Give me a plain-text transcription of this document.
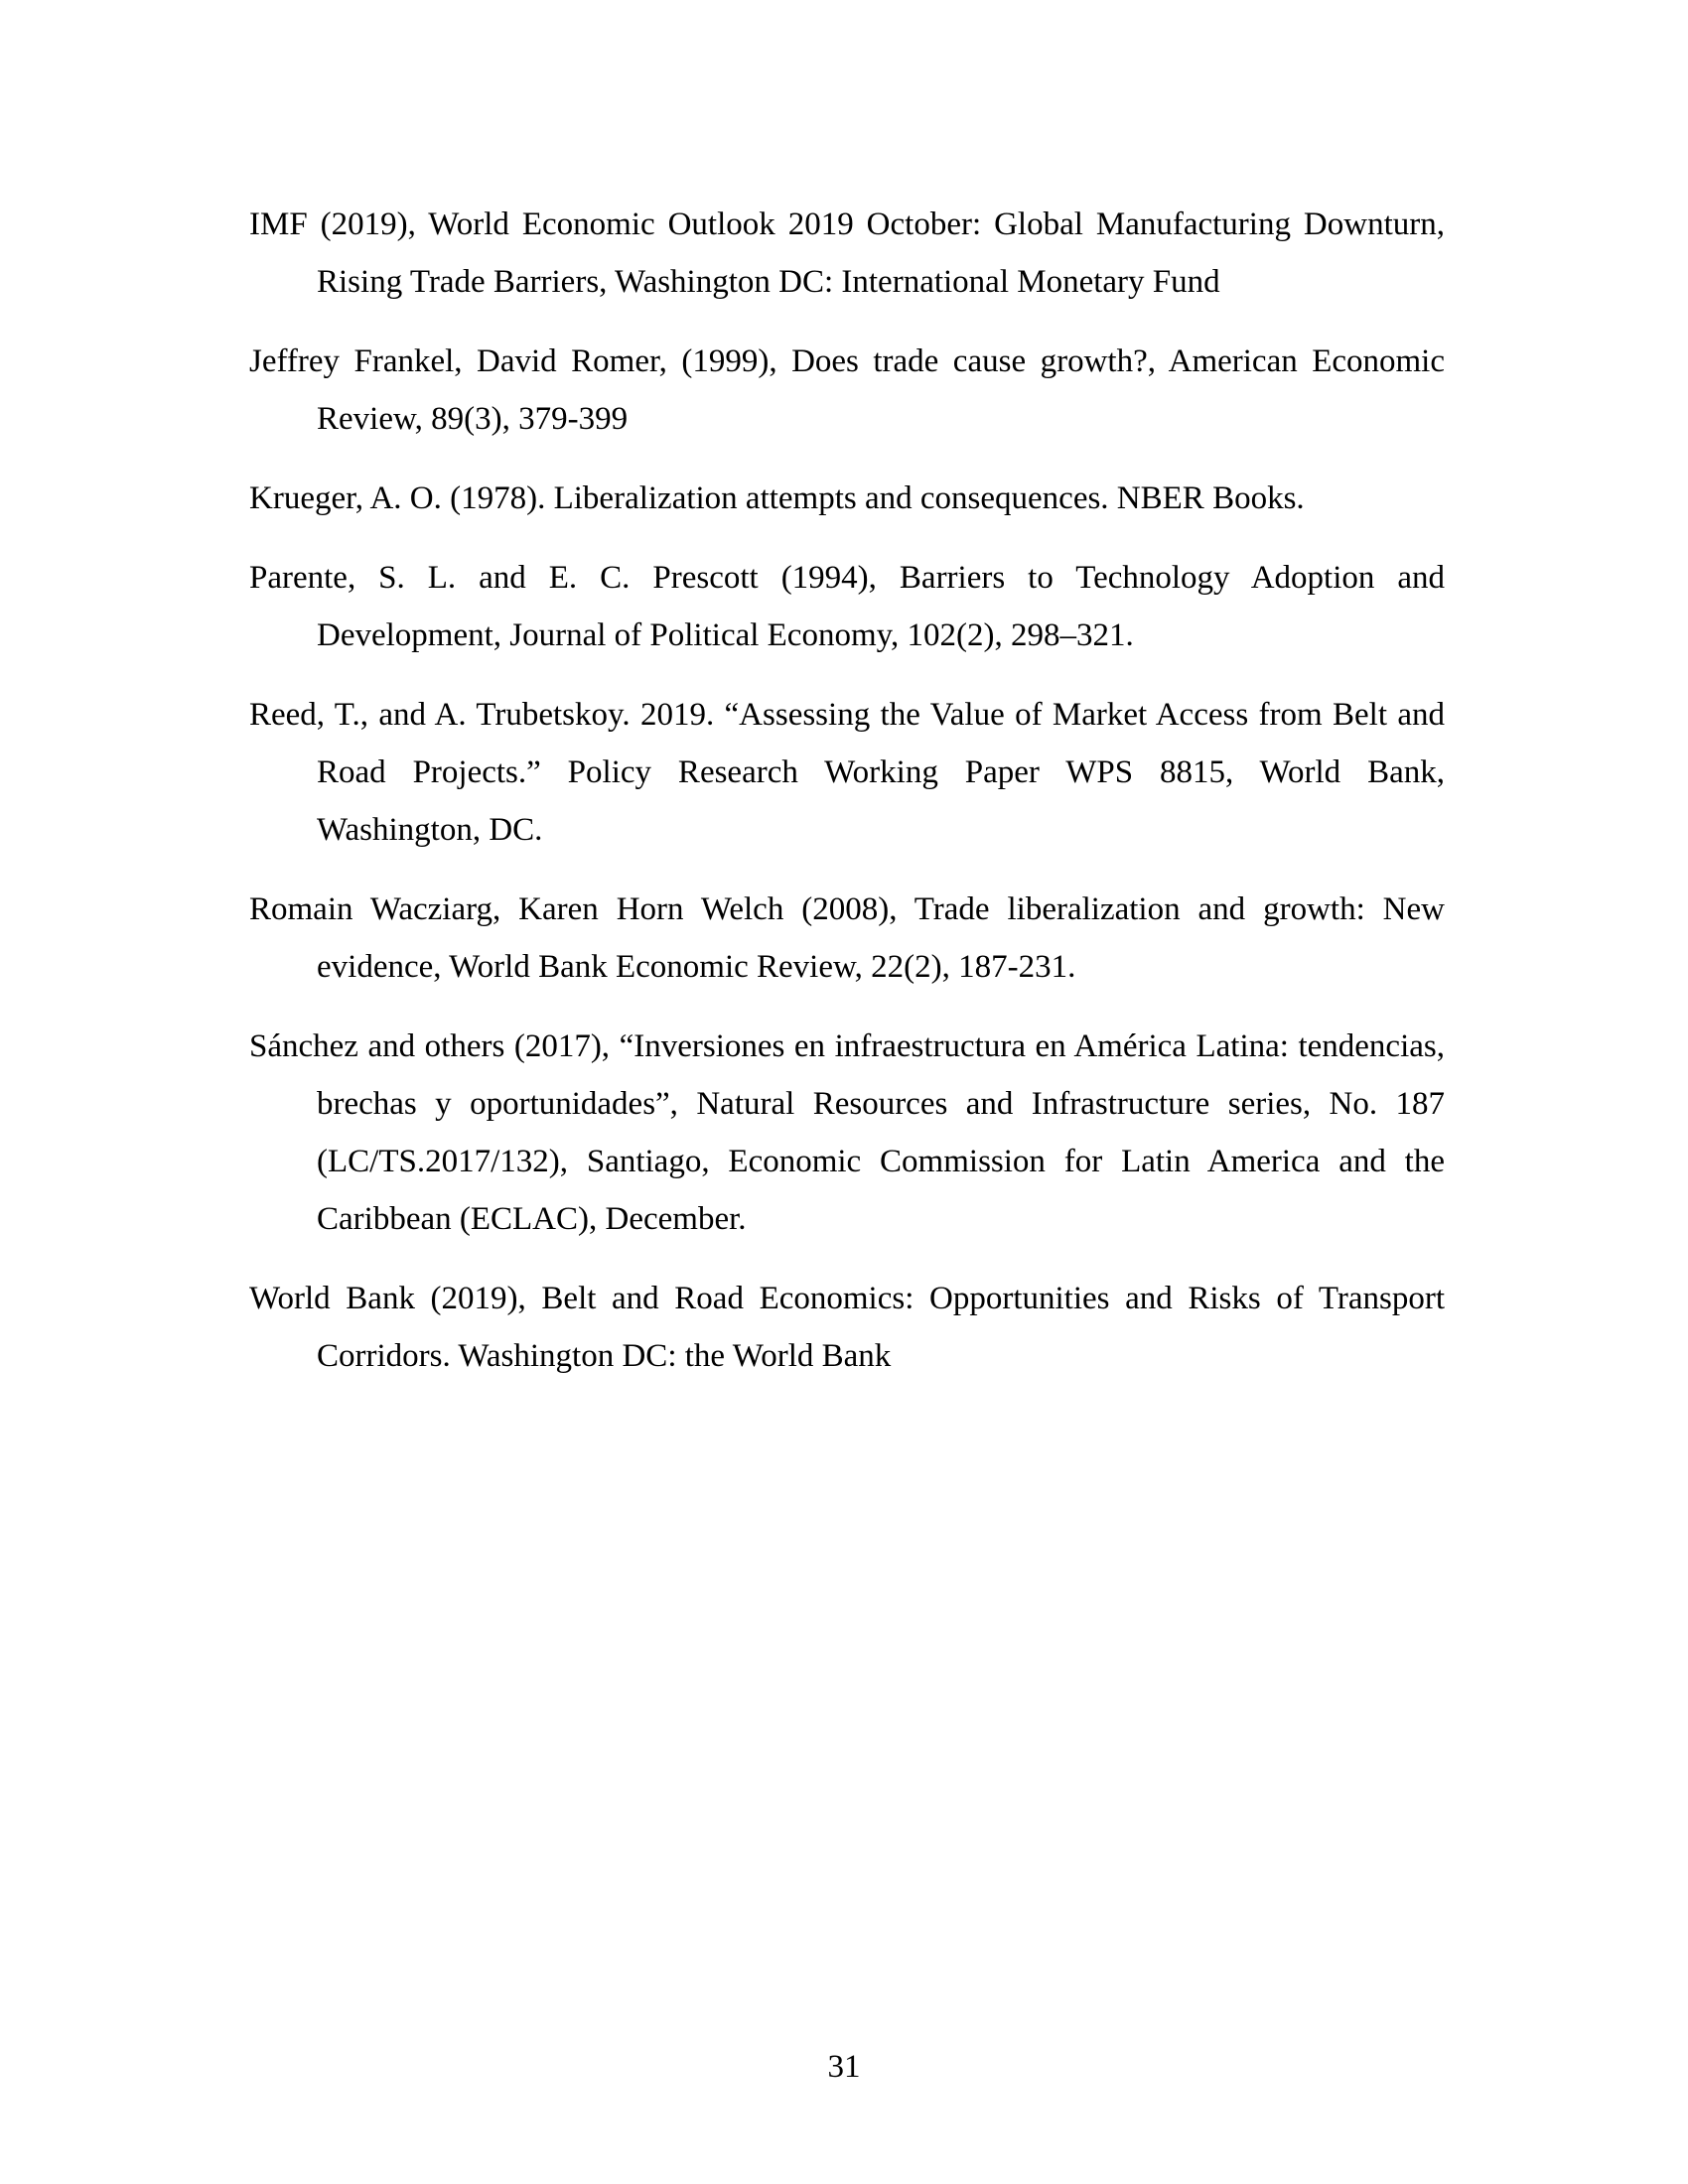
IMF (2019), World Economic Outlook 2019 October: Global Manufacturing Downturn,
Rising Trade Barriers, Washington DC: International Monetary Fund
Jeffrey Frankel, David Romer, (1999), Does trade cause growth?, American Economic
Review, 89(3), 379-399
Krueger, A. O. (1978). Liberalization attempts and consequences. NBER Books.
Parente, S. L. and E. C. Prescott (1994), Barriers to Technology Adoption and
Development, Journal of Political Economy, 102(2), 298–321.
Reed, T., and A. Trubetskoy. 2019. “Assessing the Value of Market Access from Belt and
Road Projects.” Policy Research Working Paper WPS 8815, World Bank,
Washington, DC.
Romain Wacziarg, Karen Horn Welch (2008), Trade liberalization and growth: New
evidence, World Bank Economic Review, 22(2), 187-231.
Sánchez and others (2017), “Inversiones en infraestructura en América Latina: tendencias,
brechas y oportunidades”, Natural Resources and Infrastructure series, No. 187
(LC/TS.2017/132), Santiago, Economic Commission for Latin America and the
Caribbean (ECLAC), December.
World Bank (2019), Belt and Road Economics: Opportunities and Risks of Transport
Corridors. Washington DC: the World Bank
31
